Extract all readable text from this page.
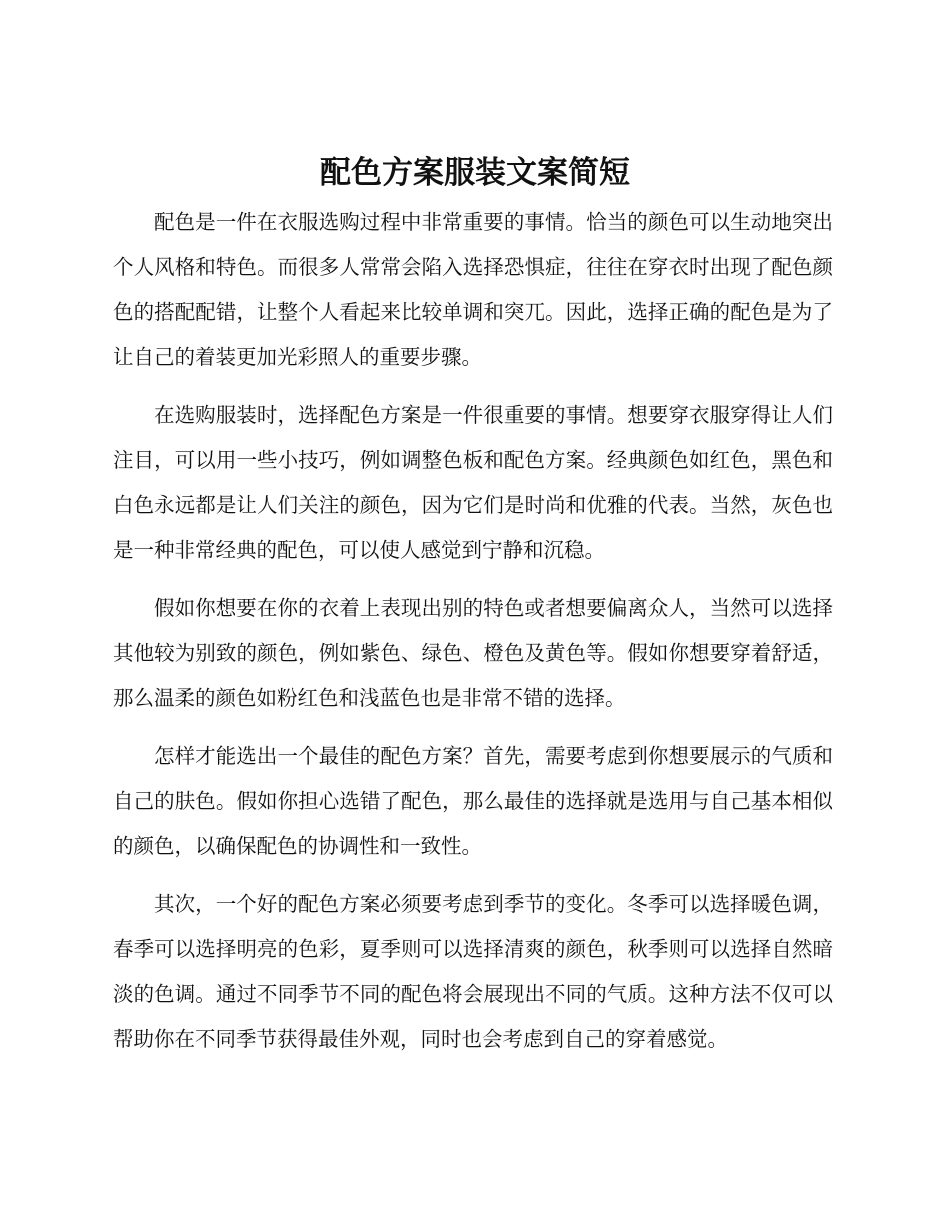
配色方案服装文案简短

配色是一件在衣服选购过程中非常重要的事情。恰当的颜色可以生动地突出个人风格和特色。而很多人常常会陷入选择恐惧症，往往在穿衣时出现了配色颜色的搭配配错，让整个人看起来比较单调和突兀。因此，选择正确的配色是为了让自己的着装更加光彩照人的重要步骤。

在选购服装时，选择配色方案是一件很重要的事情。想要穿衣服穿得让人们注目，可以用一些小技巧，例如调整色板和配色方案。经典颜色如红色，黑色和白色永远都是让人们关注的颜色，因为它们是时尚和优雅的代表。当然，灰色也是一种非常经典的配色，可以使人感觉到宁静和沉稳。

假如你想要在你的衣着上表现出别的特色或者想要偏离众人，当然可以选择其他较为别致的颜色，例如紫色、绿色、橙色及黄色等。假如你想要穿着舒适，那么温柔的颜色如粉红色和浅蓝色也是非常不错的选择。

怎样才能选出一个最佳的配色方案？首先，需要考虑到你想要展示的气质和自己的肤色。假如你担心选错了配色，那么最佳的选择就是选用与自己基本相似的颜色，以确保配色的协调性和一致性。

其次，一个好的配色方案必须要考虑到季节的变化。冬季可以选择暖色调，春季可以选择明亮的色彩，夏季则可以选择清爽的颜色，秋季则可以选择自然暗淡的色调。通过不同季节不同的配色将会展现出不同的气质。这种方法不仅可以帮助你在不同季节获得最佳外观，同时也会考虑到自己的穿着感觉。
